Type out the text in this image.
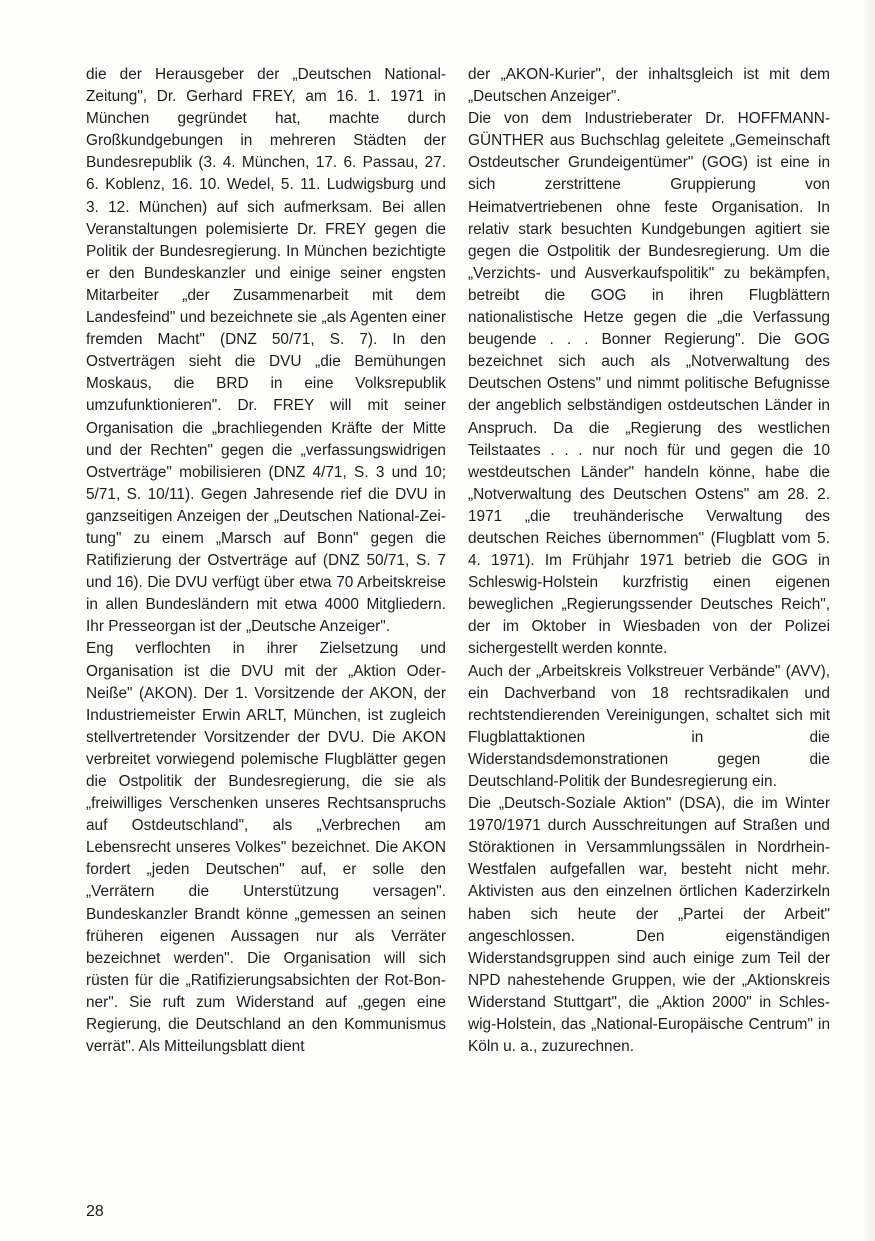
die der Herausgeber der „Deutschen National-Zeitung", Dr. Gerhard FREY, am 16. 1. 1971 in München gegründet hat, machte durch Großkundgebungen in mehreren Städten der Bundesrepublik (3. 4. München, 17. 6. Passau, 27. 6. Koblenz, 16. 10. Wedel, 5. 11. Ludwigsburg und 3. 12. München) auf sich aufmerksam. Bei allen Veranstaltungen polemisierte Dr. FREY gegen die Politik der Bundesregierung. In München bezichtigte er den Bundeskanzler und einige seiner engsten Mitarbeiter „der Zusammenarbeit mit dem Landesfeind" und bezeichnete sie „als Agenten einer fremden Macht" (DNZ 50/71, S. 7). In den Ostverträgen sieht die DVU „die Bemühungen Moskaus, die BRD in eine Volksrepublik umzufunktionieren". Dr. FREY will mit seiner Organisation die „brachliegenden Kräfte der Mitte und der Rechten" gegen die „verfassungswidrigen Ostverträge" mobilisieren (DNZ 4/71, S. 3 und 10; 5/71, S. 10/11). Gegen Jahresende rief die DVU in ganzseitigen Anzeigen der „Deutschen National-Zeitung" zu einem „Marsch auf Bonn" gegen die Ratifizierung der Ostverträge auf (DNZ 50/71, S. 7 und 16). Die DVU verfügt über etwa 70 Arbeitskreise in allen Bundesländern mit etwa 4000 Mitgliedern. Ihr Presseorgan ist der „Deutsche Anzeiger".

Eng verflochten in ihrer Zielsetzung und Organisation ist die DVU mit der „Aktion Oder-Neiße" (AKON). Der 1. Vorsitzende der AKON, der Industriemeister Erwin ARLT, München, ist zugleich stellvertretender Vorsitzender der DVU. Die AKON verbreitet vorwiegend polemische Flugblätter gegen die Ostpolitik der Bundesregierung, die sie als „freiwilliges Verschenken unseres Rechtsanspruchs auf Ostdeutschland", als „Verbrechen am Lebensrecht unseres Volkes" bezeichnet. Die AKON fordert „jeden Deutschen" auf, er solle den „Verrätern die Unterstützung versagen". Bundeskanzler Brandt könne „gemessen an seinen früheren eigenen Aussagen nur als Verräter bezeichnet werden". Die Organisation will sich rüsten für die „Ratifizierungsabsichten der Rot-Bonner". Sie ruft zum Widerstand auf „gegen eine Regierung, die Deutschland an den Kommunismus verrät". Als Mitteilungsblatt dient

der „AKON-Kurier", der inhaltsgleich ist mit dem „Deutschen Anzeiger".

Die von dem Industrieberater Dr. HOFFMANN-GÜNTHER aus Buchschlag geleitete „Gemeinschaft Ostdeutscher Grundeigentümer" (GOG) ist eine in sich zerstrittene Gruppierung von Heimatvertriebenen ohne feste Organisation. In relativ stark besuchten Kundgebungen agitiert sie gegen die Ostpolitik der Bundesregierung. Um die „Verzichts- und Ausverkaufspolitik" zu bekämpfen, betreibt die GOG in ihren Flugblättern nationalistische Hetze gegen die „die Verfassung beugende . . . Bonner Regierung". Die GOG bezeichnet sich auch als „Notverwaltung des Deutschen Ostens" und nimmt politische Befugnisse der angeblich selbständigen ostdeutschen Länder in Anspruch. Da die „Regierung des westlichen Teilstaates . . . nur noch für und gegen die 10 westdeutschen Länder" handeln könne, habe die „Notverwaltung des Deutschen Ostens" am 28. 2. 1971 „die treuhänderische Verwaltung des deutschen Reiches übernommen" (Flugblatt vom 5. 4. 1971). Im Frühjahr 1971 betrieb die GOG in Schleswig-Holstein kurzfristig einen eigenen beweglichen „Regierungssender Deutsches Reich", der im Oktober in Wiesbaden von der Polizei sichergestellt werden konnte.

Auch der „Arbeitskreis Volkstreuer Verbände" (AVV), ein Dachverband von 18 rechtsradikalen und rechtstendierenden Vereinigungen, schaltet sich mit Flugblattaktionen in die Widerstandsdemonstrationen gegen die Deutschland-Politik der Bundesregierung ein.

Die „Deutsch-Soziale Aktion" (DSA), die im Winter 1970/1971 durch Ausschreitungen auf Straßen und Störaktionen in Versammlungssälen in Nordrhein-Westfalen aufgefallen war, besteht nicht mehr. Aktivisten aus den einzelnen örtlichen Kaderzirkeln haben sich heute der „Partei der Arbeit" angeschlossen. Den eigenständigen Widerstandsgruppen sind auch einige zum Teil der NPD nahestehende Gruppen, wie der „Aktionskreis Widerstand Stuttgart", die „Aktion 2000" in Schleswig-Holstein, das „National-Europäische Centrum" in Köln u. a., zuzurechnen.

28
